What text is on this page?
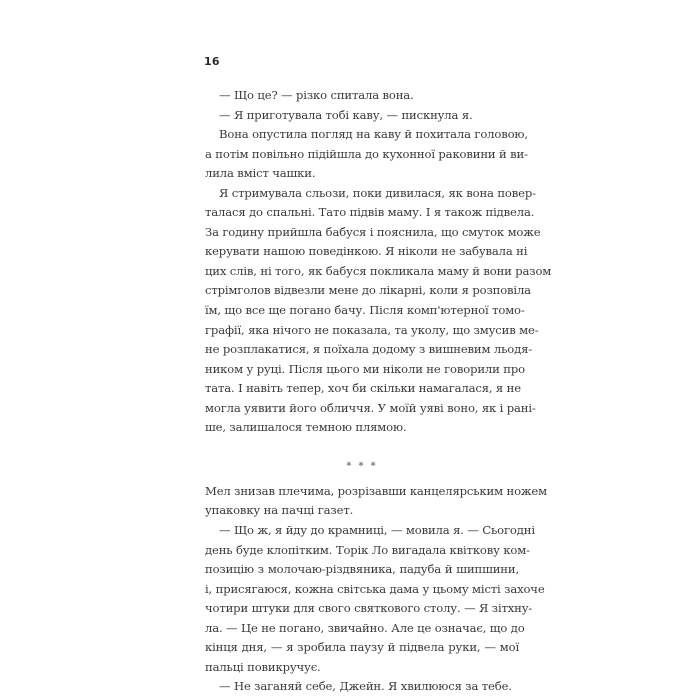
16
— Що це? — різко спитала вона.
— Я приготувала тобі каву, — пискнула я.
Вона опустила погляд на каву й похитала головою,
а потім повільно підійшла до кухонної раковини й ви-
лила вміст чашки.
Я стримувала сльози, поки дивилася, як вона повер-
талася до спальні. Тато підвів маму. І я також підвела.
За годину прийшла бабуся і пояснила, що смуток може
керувати нашою поведінкою. Я ніколи не забувала ні
цих слів, ні того, як бабуся покликала маму й вони разом
стрімголов відвезли мене до лікарні, коли я розповіла
їм, що все ще погано бачу. Після комп'ютерної томо-
графії, яка нічого не показала, та уколу, що змусив ме-
не розплакатися, я поїхала додому з вишневим льодя-
ником у руці. Після цього ми ніколи не говорили про
тата. І навіть тепер, хоч би скільки намагалася, я не
могла уявити його обличчя. У моїй уяві воно, як і рані-
ше, залишалося темною плямою.
* * *
Мел знизав плечима, розрізавши канцелярським ножем
упаковку на пачці газет.
— Що ж, я йду до крамниці, — мовила я. — Сьогодні
день буде клопітким. Торік Ло вигадала квіткову ком-
позицію з молочаю-різдвяника, падуба й шипшини,
і, присягаюся, кожна світська дама у цьому місті захоче
чотири штуки для свого святкового столу. — Я зітхну-
ла. — Це не погано, звичайно. Але це означає, що до
кінця дня, — я зробила паузу й підвела руки, — мої
пальці повикручує.
— Не заганяй себе, Джейн. Я хвилююся за тебе.
